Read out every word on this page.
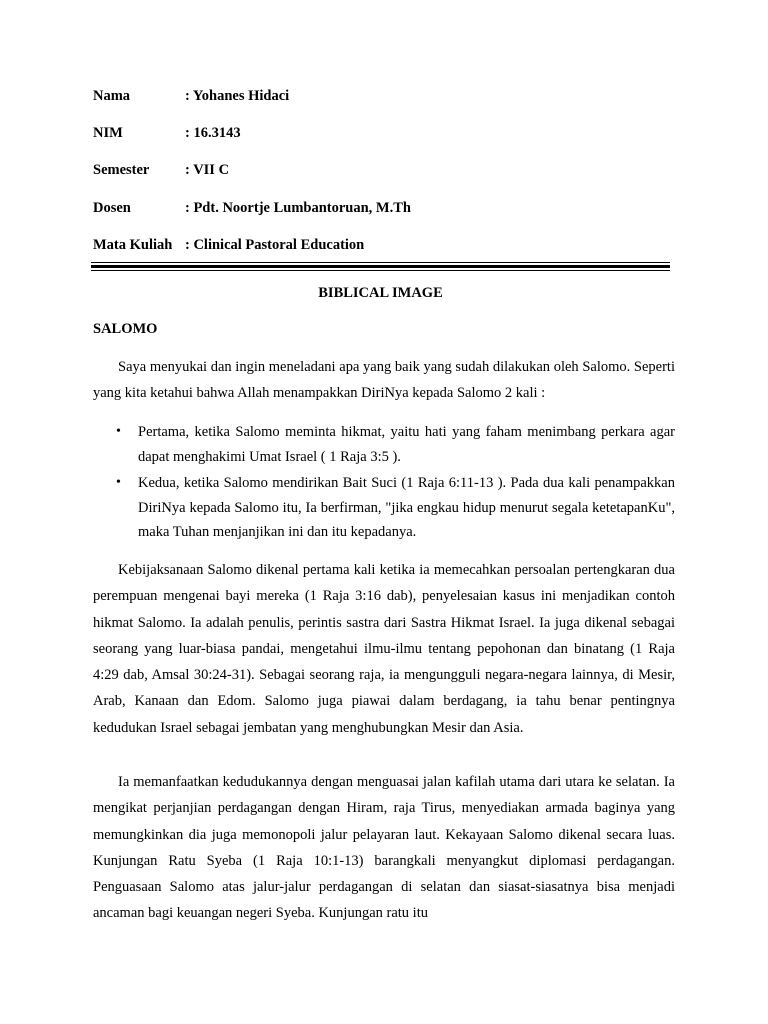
Nama	: Yohanes Hidaci
NIM	: 16.3143
Semester : VII C
Dosen	: Pdt. Noortje Lumbantoruan, M.Th
Mata Kuliah : Clinical Pastoral Education
BIBLICAL IMAGE
SALOMO

Saya menyukai dan ingin meneladani apa yang baik yang sudah dilakukan oleh Salomo. Seperti yang kita ketahui bahwa Allah menampakkan DiriNya kepada Salomo 2 kali :

• Pertama, ketika Salomo meminta hikmat, yaitu hati yang faham menimbang perkara agar dapat menghakimi Umat Israel ( 1 Raja 3:5 ).
• Kedua, ketika Salomo mendirikan Bait Suci (1 Raja 6:11-13 ). Pada dua kali penampakkan DiriNya kepada Salomo itu, Ia berfirman, "jika engkau hidup menurut segala ketetapanKu", maka Tuhan menjanjikan ini dan itu kepadanya.

Kebijaksanaan Salomo dikenal pertama kali ketika ia memecahkan persoalan pertengkaran dua perempuan mengenai bayi mereka (1 Raja 3:16 dab), penyelesaian kasus ini menjadikan contoh hikmat Salomo. Ia adalah penulis, perintis sastra dari Sastra Hikmat Israel. Ia juga dikenal sebagai seorang yang luar-biasa pandai, mengetahui ilmu-ilmu tentang pepohonan dan binatang (1 Raja 4:29 dab, Amsal 30:24-31). Sebagai seorang raja, ia mengungguli negara-negara lainnya, di Mesir, Arab, Kanaan dan Edom. Salomo juga piawai dalam berdagang, ia tahu benar pentingnya kedudukan Israel sebagai jembatan yang menghubungkan Mesir dan Asia.

Ia memanfaatkan kedudukannya dengan menguasai jalan kafilah utama dari utara ke selatan. Ia mengikat perjanjian perdagangan dengan Hiram, raja Tirus, menyediakan armada baginya yang memungkinkan dia juga memonopoli jalur pelayaran laut. Kekayaan Salomo dikenal secara luas. Kunjungan Ratu Syeba (1 Raja 10:1-13) barangkali menyangkut diplomasi perdagangan. Penguasaan Salomo atas jalur-jalur perdagangan di selatan dan siasat-siasatnya bisa menjadi ancaman bagi keuangan negeri Syeba. Kunjungan ratu itu
